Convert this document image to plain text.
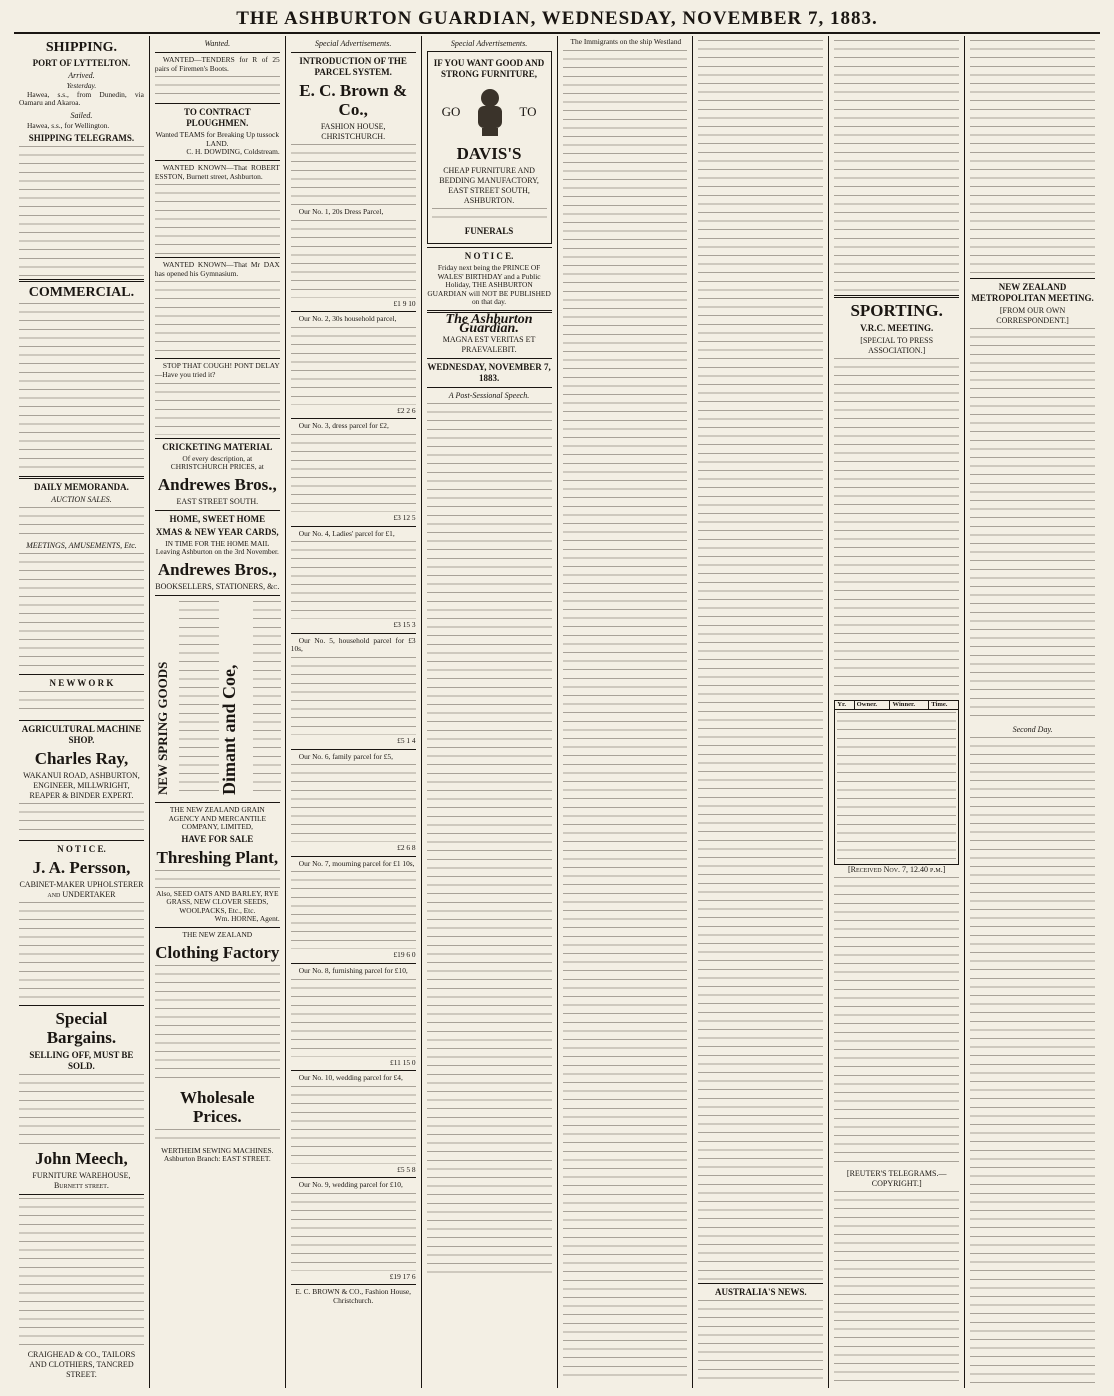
THE ASHBURTON GUARDIAN, WEDNESDAY, NOVEMBER 7, 1883.
SHIPPING.
PORT OF LYTTELTON.
Arrived.
Yesterday.
Hawea, s.s., from Dunedin, via Oamaru and Akaroa.
Sailed.
Hawea, s.s., for Wellington.
SHIPPING TELEGRAMS.
COMMERCIAL.
DAILY MEMORANDA.
AUCTION SALES.
MEETINGS, AMUSEMENTS, Etc.
N E W W O R K
AGRICULTURAL MACHINE SHOP.
Charles Ray,
WAKANUI ROAD, ASHBURTON, ENGINEER, MILLWRIGHT, REAPER & BINDER EXPERT.
N O T I C E.
J. A. Persson,
CABINET-MAKER UPHOLSTERER and UNDERTAKER
Special Bargains.
SELLING OFF, MUST BE SOLD.
John Meech,
FURNITURE WAREHOUSE, Burnett street.
CRAIGHEAD & CO., TAILORS AND CLOTHIERS, TANCRED STREET.
Wanted.
WANTED—TENDERS for R of 25 pairs of Firemen's Boots.
TO CONTRACT PLOUGHMEN.
Wanted TEAMS for Breaking Up tussock LAND.
C. H. DOWDING, Coldstream.
WANTED KNOWN—That ROBERT ESSTON, Burnett street, Ashburton.
WANTED KNOWN—That Mr DAX has opened his Gymnasium.
STOP THAT COUGH! PONT DELAY—Have you tried it?
CRICKETING MATERIAL
Of every description, at CHRISTCHURCH PRICES, at
Andrewes Bros.,
EAST STREET SOUTH.
HOME, SWEET HOME
XMAS & NEW YEAR CARDS,
IN TIME FOR THE HOME MAIL Leaving Ashburton on the 3rd November.
Andrewes Bros.,
BOOKSELLERS, STATIONERS, &c.
NEW SPRING GOODS	Dimant and Coe,
THE NEW ZEALAND GRAIN AGENCY AND MERCANTILE COMPANY, LIMITED,
HAVE FOR SALE
Threshing Plant,
Also, SEED OATS AND BARLEY, RYE GRASS, NEW CLOVER SEEDS, WOOLPACKS, Etc., Etc.
Wm. HORNE, Agent.
THE NEW ZEALAND
Clothing Factory
Wholesale Prices.
WERTHEIM SEWING MACHINES.
Ashburton Branch: EAST STREET.
Special Advertisements.
INTRODUCTION OF THE PARCEL SYSTEM.
E. C. Brown & Co.,
FASHION HOUSE, CHRISTCHURCH.
Our No. 1, 20s Dress Parcel,
£1 9 10
Our No. 2, 30s household parcel,
£2 2 6
Our No. 3, dress parcel for £2,
£3 12 5
Our No. 4, Ladies' parcel for £1,
£3 15 3
Our No. 5, household parcel for £3 10s,
£5 1 4
Our No. 6, family parcel for £5,
£2 6 8
Our No. 7, mourning parcel for £1 10s,
£19 6 0
Our No. 8, furnishing parcel for £10,
£11 15 0
Our No. 10, wedding parcel for £4,
£5 5 8
Our No. 9, wedding parcel for £10,
£19 17 6
E. C. BROWN & CO., Fashion House, Christchurch.
Special Advertisements.
IF YOU WANT GOOD AND STRONG FURNITURE,
GO	TO
DAVIS'S
CHEAP FURNITURE AND BEDDING MANUFACTORY, EAST STREET SOUTH, ASHBURTON.
FUNERALS
N O T I C E.
Friday next being the PRINCE OF WALES' BIRTHDAY and a Public Holiday, THE ASHBURTON GUARDIAN will NOT BE PUBLISHED on that day.
The Ashburton Guardian.
MAGNA EST VERITAS ET PRAEVALEBIT.
WEDNESDAY, NOVEMBER 7, 1883.
A Post-Sessional Speech.
The Immigrants on the ship Westland
AUSTRALIA'S NEWS.
SPORTING.
V.R.C. MEETING.
[SPECIAL TO PRESS ASSOCIATION.]
Yr.	Owner.	Winner.	Time.

[Received Nov. 7, 12.40 p.m.]
[REUTER'S TELEGRAMS.—COPYRIGHT.]
NEW ZEALAND METROPOLITAN MEETING.
[FROM OUR OWN CORRESPONDENT.]
Second Day.
